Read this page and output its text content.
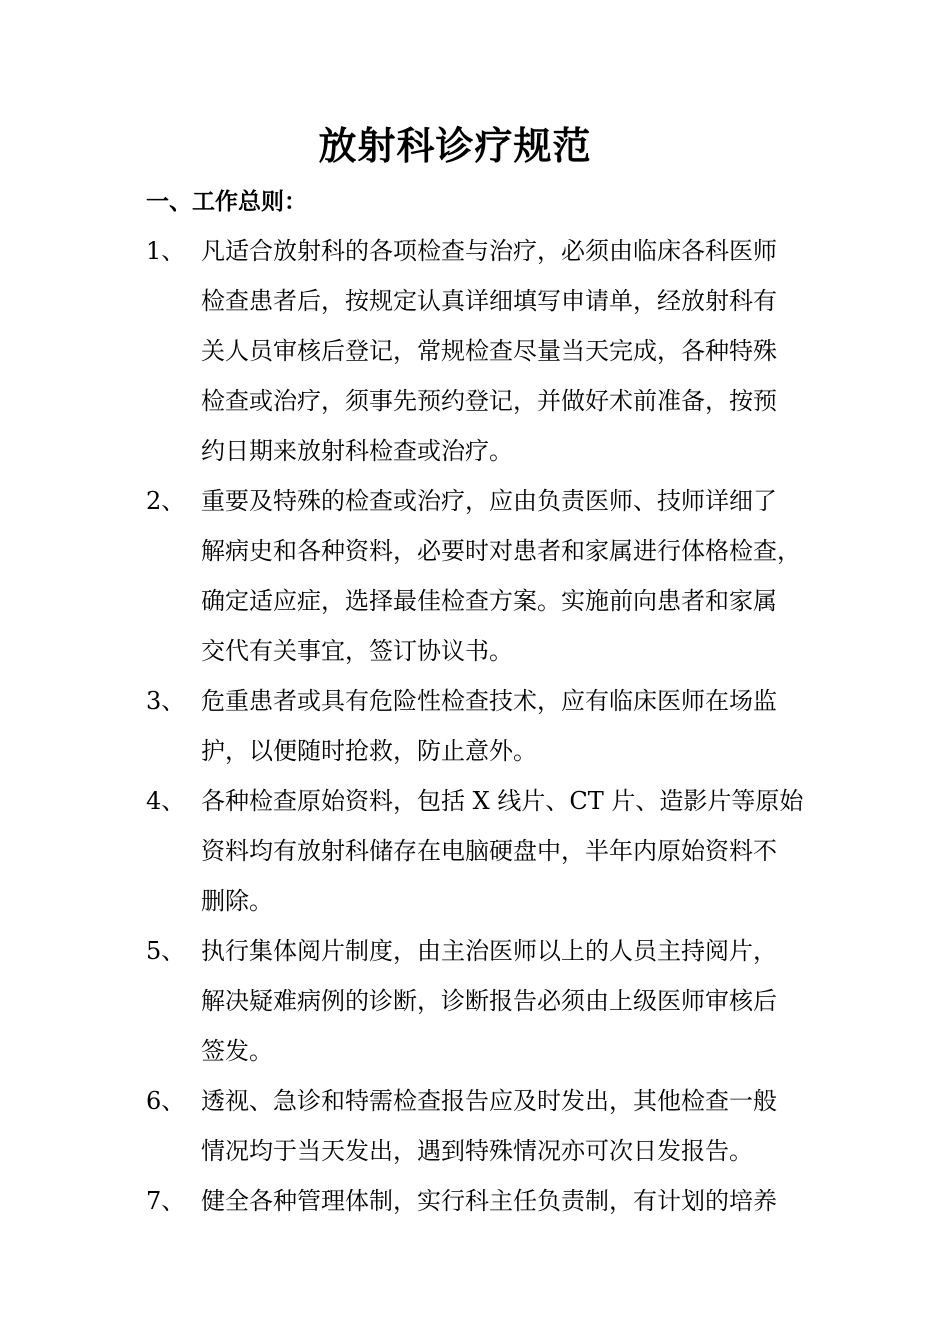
放射科诊疗规范
一、工作总则：
1、 凡适合放射科的各项检查与治疗，必须由临床各科医师
检查患者后，按规定认真详细填写申请单，经放射科有
关人员审核后登记，常规检查尽量当天完成，各种特殊
检查或治疗，须事先预约登记，并做好术前准备，按预
约日期来放射科检查或治疗。
2、 重要及特殊的检查或治疗，应由负责医师、技师详细了
解病史和各种资料，必要时对患者和家属进行体格检查，
确定适应症，选择最佳检查方案。实施前向患者和家属
交代有关事宜，签订协议书。
3、 危重患者或具有危险性检查技术，应有临床医师在场监
护，以便随时抢救，防止意外。
4、 各种检查原始资料，包括 X 线片、CT 片、造影片等原始
资料均有放射科储存在电脑硬盘中，半年内原始资料不
删除。
5、 执行集体阅片制度，由主治医师以上的人员主持阅片，
解决疑难病例的诊断，诊断报告必须由上级医师审核后
签发。
6、 透视、急诊和特需检查报告应及时发出，其他检查一般
情况均于当天发出，遇到特殊情况亦可次日发报告。
7、 健全各种管理体制，实行科主任负责制，有计划的培养
